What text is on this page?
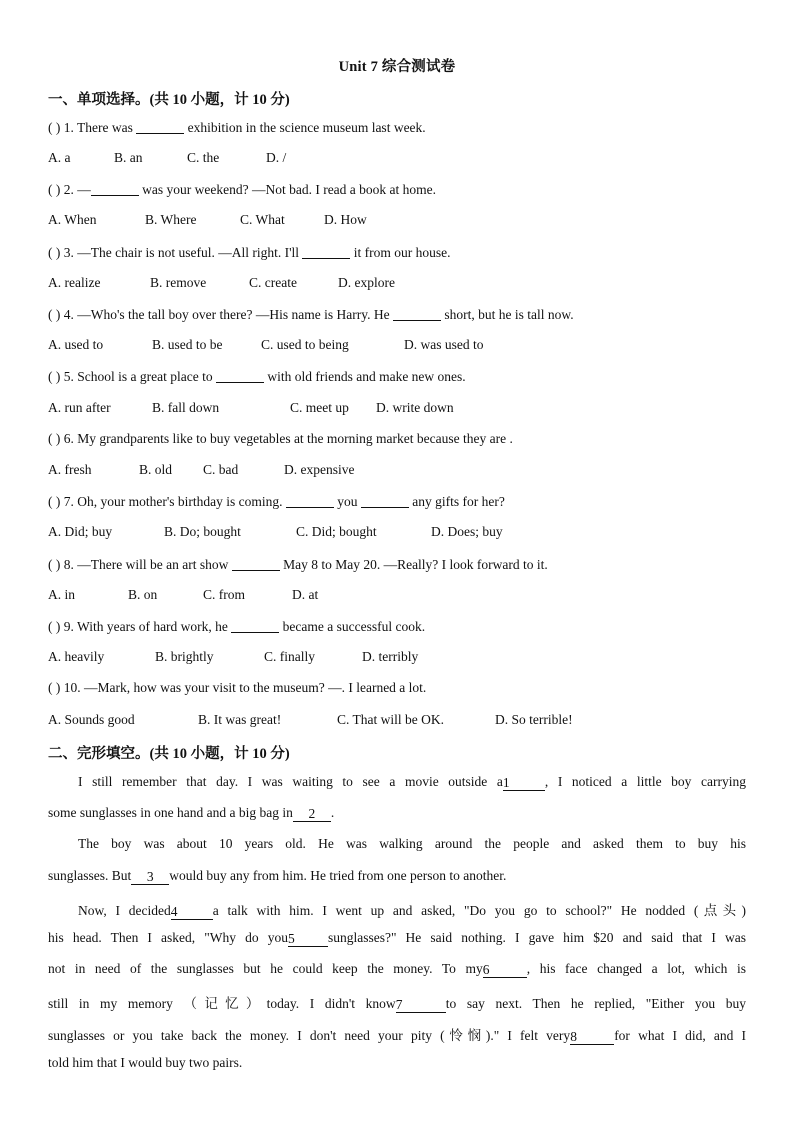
Unit 7 综合测试卷
一、单项选择。(共 10 小题，计 10 分)
( ) 1. There was	exhibition in the science museum last week.
A. a	B. an	C. the	D. /
( ) 2. —	was your weekend? —Not bad. I read a book at home.
A. When	B. Where	C. What	D. How
( ) 3. —The chair is not useful. —All right. I'll	it from our house.
A. realize	B. remove	C. create	D. explore
( ) 4. —Who's the tall boy over there? —His name is Harry. He	short, but he is tall now.
A. used to	B. used to be	C. used to being	D. was used to
( ) 5. School is a great place to	with old friends and make new ones.
A. run after	B. fall down	C. meet up D. write down
( ) 6. My grandparents like to buy vegetables at the morning market because they are .
A. fresh	B. old C. bad	D. expensive
( ) 7. Oh, your mother's birthday is coming.	you	any gifts for her?
A. Did; buy	B. Do; bought	C. Did; bought	D. Does; buy
( ) 8. —There will be an art show	May 8 to May 20. —Really? I look forward to it.
A. in	B. on	C. from	D. at
( ) 9. With years of hard work, he	became a successful cook.
A. heavily	B. brightly	C. finally	D. terribly
( ) 10. —Mark, how was your visit to the museum? —. I learned a lot.
A. Sounds good	B. It was great!	C. That will be OK.	D. So terrible!
二、完形填空。(共 10 小题，计 10 分)
I still remember that day. I was waiting to see a movie outside a1	, I noticed a little boy carrying
some sunglasses in one hand and a big bag in 2 .
The boy was about 10 years old. He was walking around the people and asked them to buy his
sunglasses. But 3 would buy any from him. He tried from one person to another.
Now, I decided4	a talk with him. I went up and asked, "Do you go to school?" He nodded (点头)
his head. Then I asked, "Why do you5 sunglasses?" He said nothing. I gave him $20 and said that I was
not in need of the sunglasses but he could keep the money. To my6	, his face changed a lot, which is
still in my memory （记忆）today. I didn't know7	to say next. Then he replied, "Either you buy
sunglasses or you take back the money. I don't need your pity (怜悯)." I felt very8	for what I did, and I
told him that I would buy two pairs.
